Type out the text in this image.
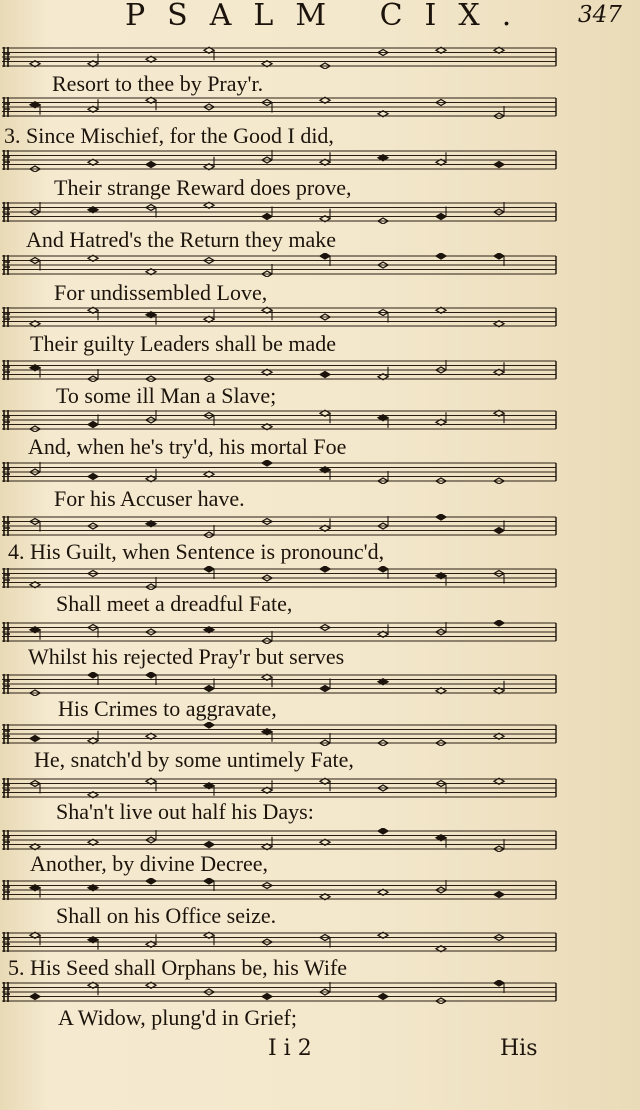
PSALM CIX. 347
Resort to thee by Pray'r.
3. Since Mischief, for the Good I did,
Their strange Reward does prove,
And Hatred's the Return they make
For undissembled Love,
Their guilty Leaders shall be made
To some ill Man a Slave;
And, when he's try'd, his mortal Foe
For his Accuser have.
4. His Guilt, when Sentence is pronounc'd,
Shall meet a dreadful Fate,
Whilst his rejected Pray'r but serves
His Crimes to aggravate,
He, snatch'd by some untimely Fate,
Sha'n't live out half his Days:
Another, by divine Decree,
Shall on his Office seize.
5. His Seed shall Orphans be, his Wife
A Widow, plung'd in Grief;
I i 2	His
